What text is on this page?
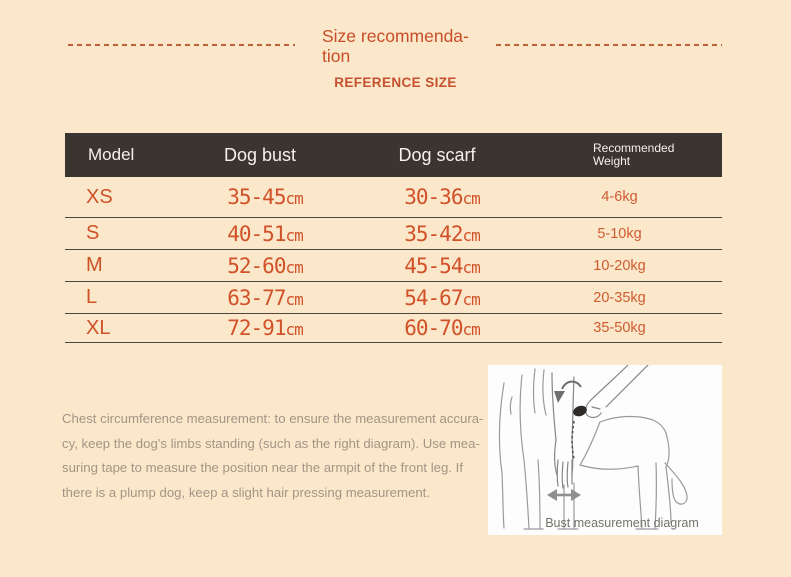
Size recommenda-
tion
REFERENCE SIZE
Model	Dog bust	Dog scarf	Recommended Weight
XS	35-45cm	30-36cm	4-6kg
S	40-51cm	35-42cm	5-10kg
M	52-60cm	45-54cm	10-20kg
L	63-77cm	54-67cm	20-35kg
XL	72-91cm	60-70cm	35-50kg
Chest circumference measurement: to ensure the measurement accura-
cy, keep the dog's limbs standing (such as the right diagram). Use mea-
suring tape to measure the position near the armpit of the front leg. If
there is a plump dog, keep a slight hair pressing measurement.
Bust measurement diagram
